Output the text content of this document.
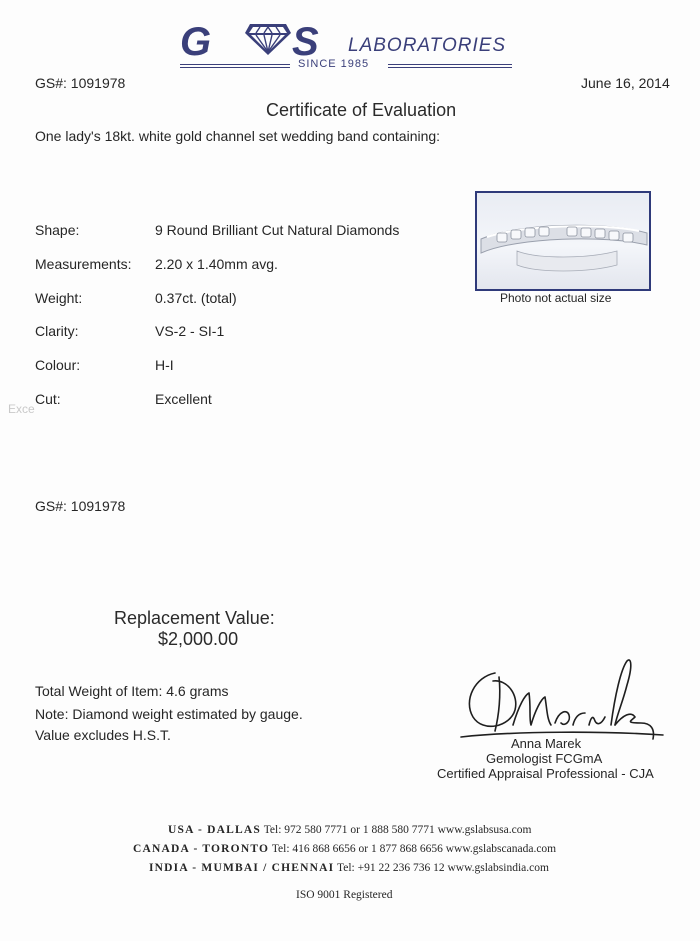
G S LABORATORIES
SINCE 1985
GS#: 1091978	June 16, 2014
Certificate of Evaluation
One lady's 18kt. white gold channel set wedding band containing:
Shape:	9 Round Brilliant Cut Natural Diamonds
Measurements: 2.20 x 1.40mm avg.
Weight:	0.37ct. (total)
Clarity:	VS-2 - SI-1
Colour:	H-I
Cut:	Excellent
Exce
Photo not actual size
GS#: 1091978
Replacement Value:
$2,000.00
Total Weight of Item: 4.6 grams
Note: Diamond weight estimated by gauge.
Value excludes H.S.T.
Anna Marek
Gemologist FCGmA
Certified Appraisal Professional - CJA
USA - DALLAS Tel: 972 580 7771 or 1 888 580 7771 www.gslabsusa.com
CANADA - TORONTO Tel: 416 868 6656 or 1 877 868 6656 www.gslabscanada.com
INDIA - MUMBAI / CHENNAI Tel: +91 22 236 736 12 www.gslabsindia.com
ISO 9001 Registered
